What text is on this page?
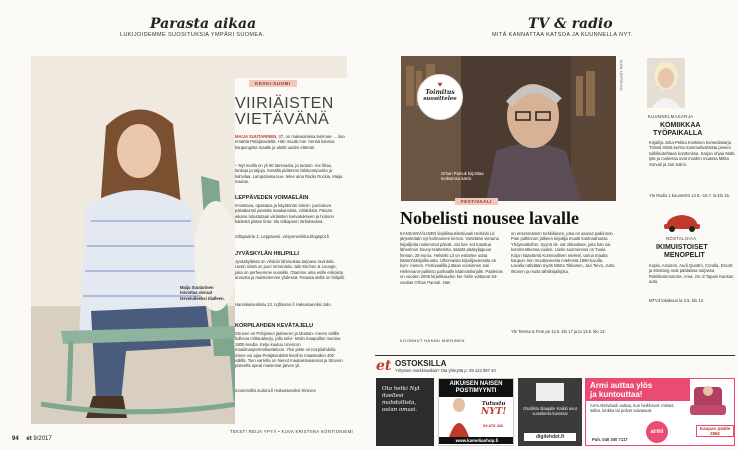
Parasta aikaa
LUKIJOIDEMME SUOSITUKSIA YMPÄRI SUOMEA.
KESKI-SUOMI
VIIRIÄISTEN
VIETÄVÄNÄ
MAIJA SUUTARINEN, 37, on makasiinissa lammas- ... ilan emäntä Petäjävedeltä. Hän muutti mie- hensä kanssa kaupungista maalle ja aloitti uuden elämän.
– Nyt meillä on yli 80 lammasta, ja tuotam- me lihaa, lankoja ja taljoja. Kesällä pidämme lähituotepuotia ja kahvilaa. Lampolassa kuu- telee aina Radio Rockia, Maija naurae.
LEPPÄVEDEN VOIMAELÄIN
Innostava, opastava ja käytännön toimin- pureutuva päiväkurssi pienistä maakanoista, viiriäisistä. Päivän aikana tutustutaan viiriäisten kasvatukseen ja hoitoon kädestä pitäen lintu- tila Silkapoen Sirkuksessa.
Siltojaviirte.2, Leppävesi. viiriyomenikka.blogspot.fi
JYVÄSKYLÄN HIILIPILLI
Jyväskylässä on vihdoin lähiruokaa tarjoava ravintola. Uusin niistä on juuri remontoitu Jalo Kitchen & Lounge, joka on perheemme suosikki. Otamme aina esille erikoista annosta ja maistelemme yhdessä. Parasta siellä on hiilipilli.
Hannikaisenkatu 13, nqfloamo.fi Hakussanoksi Jalo
KORPILAHDEN KEVÄTAJELU
Struven on Pohjoisen jäämeren ja Mustan- meren välillä kulkeva mittauaketju, jolla selvi- tettiin maapallon muotoa 1800-luvulla. Ketju kuuluu Unescon maailmanperintöluetteloon. Yksi piste on Korpilahdella. Sinne voi ajaa Petäjävedeltä kivoihin maasteiden 400 välillä. Tien varrella on hienot maalaismaisemat ja Struven pisteeltä upeat maisemat järven yli.
moonmollis.suitora.fi Hakussanoksi Struven
Maija Suutarinen toivottaa vieraat tervetulleeksi tilalleen.
TEKSTI REIJA YPYÄ • KUVA KRISTIINA KONTIONIEMI
94 et 9/2017
TV & radio
MITÄ KANNATTAA KATSOA JA KUUNNELLA NYT.
♥
Toimitus
suosittelee
Orhan Pamuk kirjoittaa teoksensa käsin.
KUVA: LEHTIKUVA
FESTIVAALI
Nobelisti nousee lavalle
KANSAINVÄLINEN kirjallisuusfestivaali Helsinki Lit järjestetään nyt kolmannen kerran. Vietetään vieraina kirjailijoita molemmat päivät. Jos kat- sot tutustua lähemmin Savoy-teatterista, säästä pääsylippuun hinnan. 28 euroa. Helsinki Lit on esittelee uutta käännöskirjallisuutta. Ulkomaista kirjailijavierasta on kym- menen. Festivaalilla juttaan vuosinnen Jari Hellemann-palkinto parhaalle käännöskirjalle. Pääleiras on vuoden 2006 kirjallisuuden No- belin voittanut 64-vuotias Orhan Pamuk. Hän
on ensimmäinen turkkilainen, joka on saanut palkinnon. Pian palkinnon jälkeen kirjailija muutti kotimaahansa Yhdysvaltoihin. Syynä oli- vat uhkaukset, joita hän sai kommenttiensa vuoksi. Uusin suomennos on Tuula Kojon kääntämä Kummallinen mieleni, tarina maalta kaupun- kiin muuttaneesta miehestä 1960-luvulla. Lavalla nähdään myös Märta Tikkanen, Jari Tervo, Juha Itkonen ja muita tähtikirjailijoita.
Yle Teema & Fem pe 12.5. klo 17 ja la 13.5. klo 13.
KOONNUT HANNU MIENINEN
KUUNNELMASARJA
KOMIIKKAA
TYÖPAIKALLA
Kirjailija Juha-Pekka Koskisen komediasarja Töissä töistä kertoo kommellusksista pienen tulitikkutehtaan konttorissa. Sarjan ohjaa Matti Ijäs ja rooleissa ovat muiden muassa Miitta Sorvali ja Jari Salmi.
Yle Radio 1 kuunnelm 13.5.–15.7. la klo 15.
NOSTALGIAA
IKIMUISTOISET
MENOPELIT
Kupla, Amazon, Audi Quattro, Corolla, Escort ja Mustang ovat päälaissa sarjassa Rokkikommotoret. Ama- zin ol Tapani Kansan auto.
MTV3 lokakuun la 3.5. klo 13.
et OSTOKSILLA
Yritysten markkinatilaa? Ota yhteyttä p. 09 123 897 40
Ota hetki Nyt itsellesi mahdollista, ostan omasi.
AIKUISEN NAISEN
POSTIMYYNTI
Tutustu
NYT!
09-878 430
www.kameliashop.fi
Osallistu tilaajalle Kaikki avut vuosikerta kuvissa!
digilehdet.fi
Armi auttaa ylös
ja kuntouttaa!
Armi Aktiivituoli auttaa, kun heikkoval- mistus, selkä, lonkka tai polvet vaivaavat.
armi
Puh. 040 300 7117
Kaupan päälle 286€
